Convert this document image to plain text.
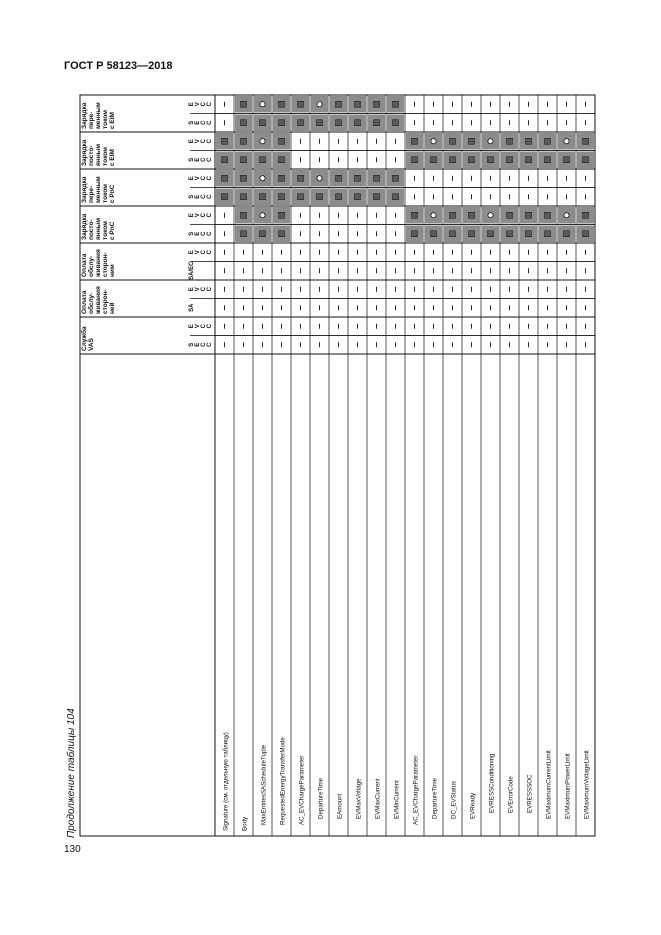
ГОСТ Р 58123—2018
Продолжение таблицы 104
130
Зарядкапере-меннымтокомс EIM
E V C C
S E C C
Зарядкапосто-яннымтокомс EIM
E V C C
S E C C
Зарядкапере-меннымтокомс PnC
E V C C
S E C C
Зарядкапосто-яннымтокомс PnC
E V C C
S E C C
Оплатаобслу-живаниясторон-ним
E V C C
SA/EC
Оплатаобслу-живаниясторон-ней
E V C C
SA
СлужбаVAS
E V C C
S E C C
Signature (см. отдельную таблицу) Body MaxEntriesSAScheduleTuple RequestedEnergyTransferMode AC_EVChargeParameter DepartureTime EAmount EVMaxVoltage EVMaxCurrent EVMinCurrent AC_EVChargeParameter DepartureTime DC_EVStatus EVReady EVRESSConditioning EVErrorCode EVRESSSOC EVMaximumCurrentLimit EVMaximumPowerLimit EVMaximumVoltageLimit
